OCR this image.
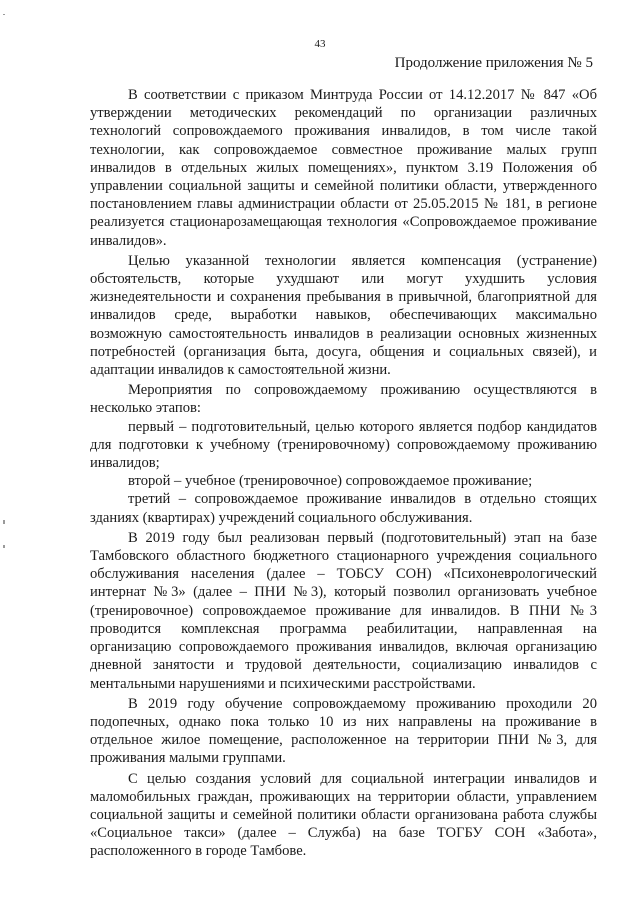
43
Продолжение приложения № 5

В соответствии с приказом Минтруда России от 14.12.2017 № 847 «Об утверждении методических рекомендаций по организации различных технологий сопровождаемого проживания инвалидов, в том числе такой технологии, как сопровождаемое совместное проживание малых групп инвалидов в отдельных жилых помещениях», пунктом 3.19 Положения об управлении социальной защиты и семейной политики области, утвержденного постановлением главы администрации области от 25.05.2015 № 181, в регионе реализуется стационарозамещающая технология «Сопровождаемое проживание инвалидов».

Целью указанной технологии является компенсация (устранение) обстоятельств, которые ухудшают или могут ухудшить условия жизнедеятельности и сохранения пребывания в привычной, благоприятной для инвалидов среде, выработки навыков, обеспечивающих максимально возможную самостоятельность инвалидов в реализации основных жизненных потребностей (организация быта, досуга, общения и социальных связей), и адаптации инвалидов к самостоятельной жизни.

Мероприятия по сопровождаемому проживанию осуществляются в несколько этапов:

первый – подготовительный, целью которого является подбор кандидатов для подготовки к учебному (тренировочному) сопровождаемому проживанию инвалидов;

второй – учебное (тренировочное) сопровождаемое проживание;

третий – сопровождаемое проживание инвалидов в отдельно стоящих зданиях (квартирах) учреждений социального обслуживания.

В 2019 году был реализован первый (подготовительный) этап на базе Тамбовского областного бюджетного стационарного учреждения социального обслуживания населения (далее – ТОБСУ СОН) «Психоневрологический интернат №3» (далее – ПНИ №3), который позволил организовать учебное (тренировочное) сопровождаемое проживание для инвалидов. В ПНИ №3 проводится комплексная программа реабилитации, направленная на организацию сопровождаемого проживания инвалидов, включая организацию дневной занятости и трудовой деятельности, социализацию инвалидов с ментальными нарушениями и психическими расстройствами.

В 2019 году обучение сопровождаемому проживанию проходили 20 подопечных, однако пока только 10 из них направлены на проживание в отдельное жилое помещение, расположенное на территории ПНИ №3, для проживания малыми группами.

С целью создания условий для социальной интеграции инвалидов и маломобильных граждан, проживающих на территории области, управлением социальной защиты и семейной политики области организована работа службы «Социальное такси» (далее – Служба) на базе ТОГБУ СОН «Забота», расположенного в городе Тамбове.
